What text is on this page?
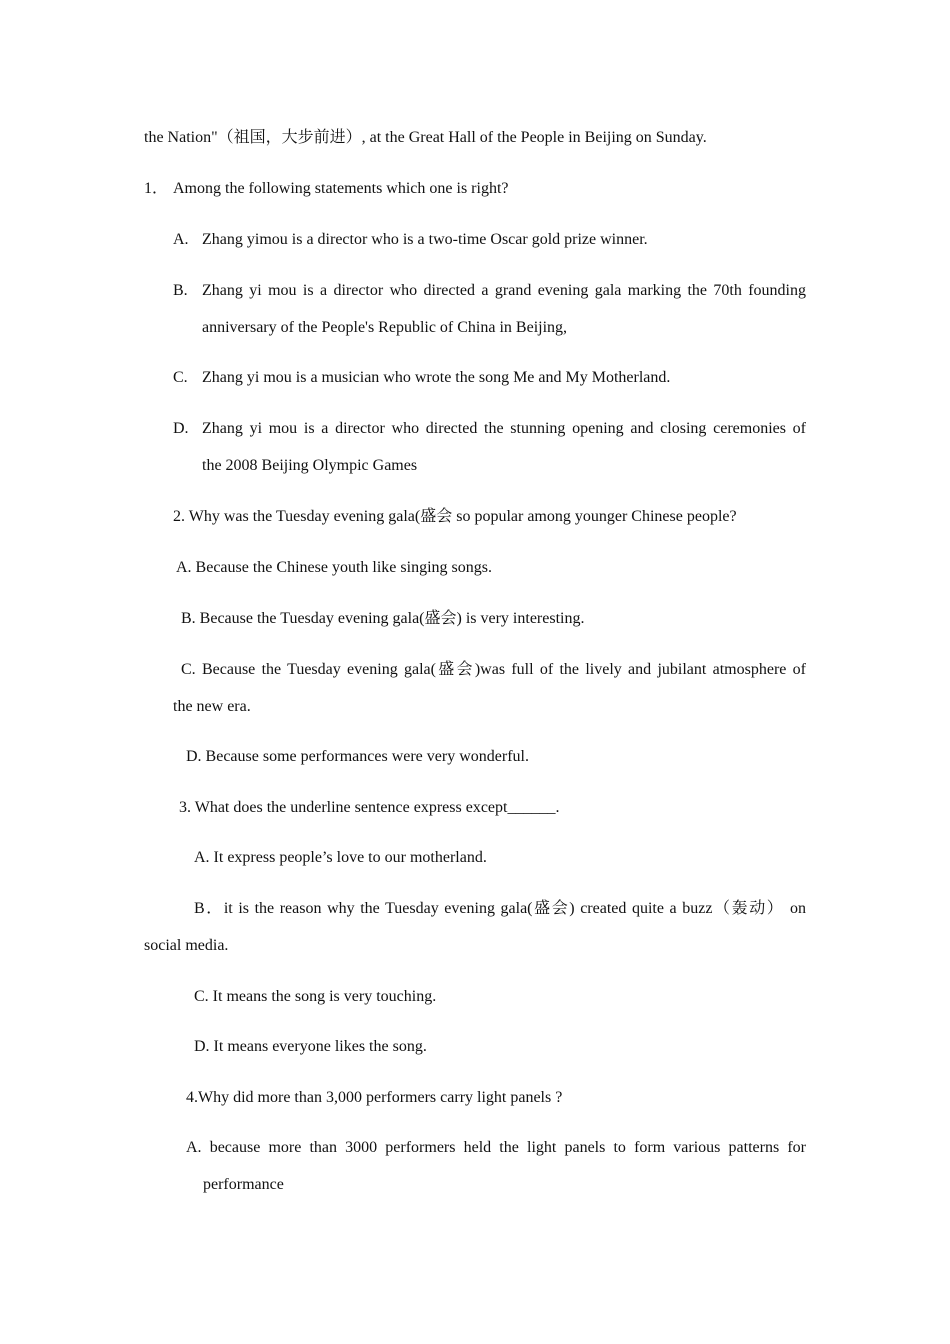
the Nation"（祖国，大步前进）, at the Great Hall of the People in Beijing on Sunday.
1． Among the following statements which one is right?
A. Zhang yimou is a director who is a two-time Oscar gold prize winner.
B. Zhang yi mou is a director who directed a grand evening gala marking the 70th founding
anniversary of the People's Republic of China in Beijing,
C. Zhang yi mou is a musician who wrote the song Me and My Motherland.
D. Zhang yi mou is a director who directed the stunning opening and closing ceremonies of
the 2008 Beijing Olympic Games
2. Why was the Tuesday evening gala(盛会 so popular among younger Chinese people?
A. Because the Chinese youth like singing songs.
B. Because the Tuesday evening gala(盛会) is very interesting.
C. Because the Tuesday evening gala(盛会)was full of the lively and jubilant atmosphere of
the new era.
D. Because some performances were very wonderful.
3. What does the underline sentence express except______.
A. It express people’s love to our motherland.
B．it is the reason why the Tuesday evening gala(盛会) created quite a buzz（轰动） on
social media.
C. It means the song is very touching.
D. It means everyone likes the song.
4.Why did more than 3,000 performers carry light panels ?
A. because more than 3000 performers held the light panels to form various patterns for
performance
